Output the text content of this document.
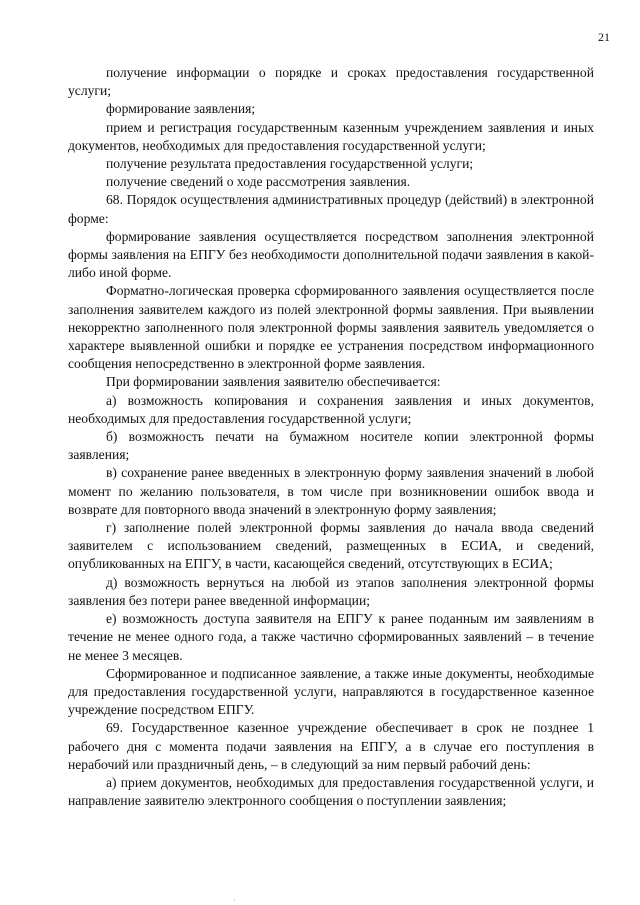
21

получение информации о порядке и сроках предоставления государственной услуги;

формирование заявления;

прием и регистрация государственным казенным учреждением заявления и иных документов, необходимых для предоставления государственной услуги;

получение результата предоставления государственной услуги;

получение сведений о ходе рассмотрения заявления.

68. Порядок осуществления административных процедур (действий) в электронной форме:

формирование заявления осуществляется посредством заполнения электронной формы заявления на ЕПГУ без необходимости дополнительной подачи заявления в какой-либо иной форме.

Форматно-логическая проверка сформированного заявления осуществляется после заполнения заявителем каждого из полей электронной формы заявления. При выявлении некорректно заполненного поля электронной формы заявления заявитель уведомляется о характере выявленной ошибки и порядке ее устранения посредством информационного сообщения непосредственно в электронной форме заявления.

При формировании заявления заявителю обеспечивается:

а) возможность копирования и сохранения заявления и иных документов, необходимых для предоставления государственной услуги;

б) возможность печати на бумажном носителе копии электронной формы заявления;

в) сохранение ранее введенных в электронную форму заявления значений в любой момент по желанию пользователя, в том числе при возникновении ошибок ввода и возврате для повторного ввода значений в электронную форму заявления;

г) заполнение полей электронной формы заявления до начала ввода сведений заявителем с использованием сведений, размещенных в ЕСИА, и сведений, опубликованных на ЕПГУ, в части, касающейся сведений, отсутствующих в ЕСИА;

д) возможность вернуться на любой из этапов заполнения электронной формы заявления без потери ранее введенной информации;

е) возможность доступа заявителя на ЕПГУ к ранее поданным им заявлениям в течение не менее одного года, а также частично сформированных заявлений – в течение не менее 3 месяцев.

Сформированное и подписанное заявление, а также иные документы, необходимые для предоставления государственной услуги, направляются в государственное казенное учреждение посредством ЕПГУ.

69. Государственное казенное учреждение обеспечивает в срок не позднее 1 рабочего дня с момента подачи заявления на ЕПГУ, а в случае его поступления в нерабочий или праздничный день, – в следующий за ним первый рабочий день:

а) прием документов, необходимых для предоставления государственной услуги, и направление заявителю электронного сообщения о поступлении заявления;

·
